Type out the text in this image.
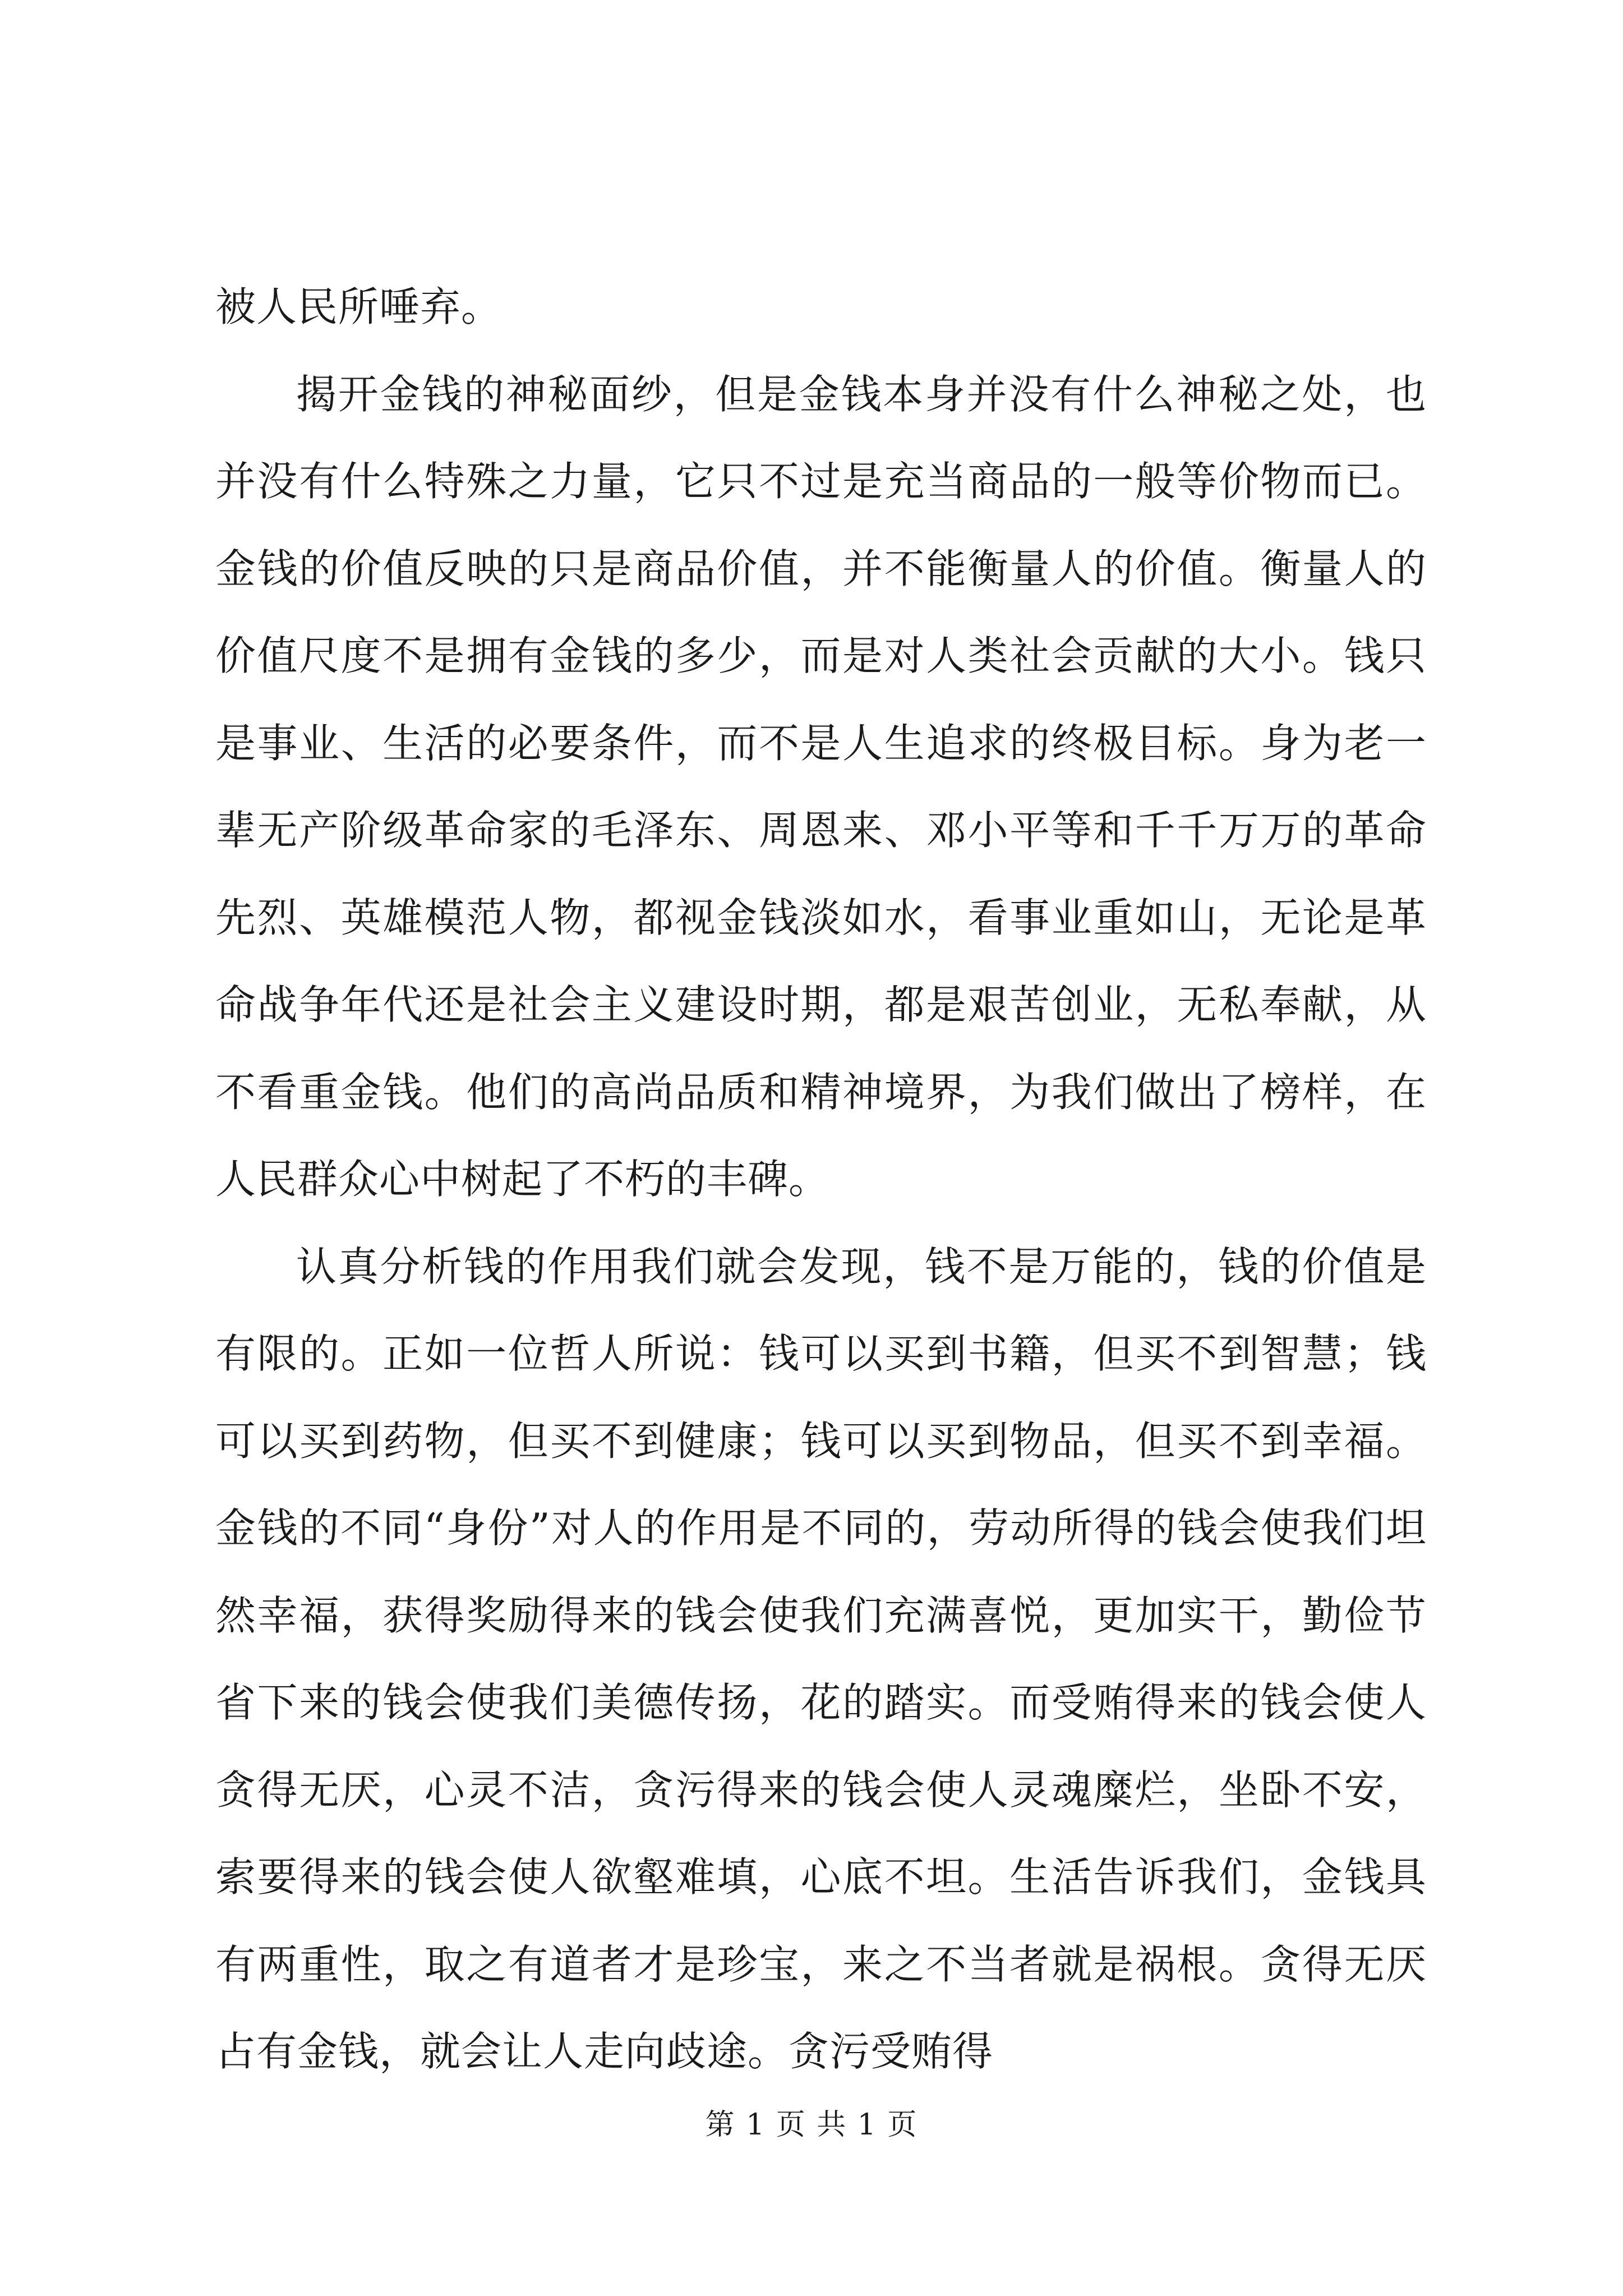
被人民所唾弃。

揭开金钱的神秘面纱，但是金钱本身并没有什么神秘之处，也并没有什么特殊之力量，它只不过是充当商品的一般等价物而已。金钱的价值反映的只是商品价值，并不能衡量人的价值。衡量人的价值尺度不是拥有金钱的多少，而是对人类社会贡献的大小。钱只是事业、生活的必要条件，而不是人生追求的终极目标。身为老一辈无产阶级革命家的毛泽东、周恩来、邓小平等和千千万万的革命先烈、英雄模范人物，都视金钱淡如水，看事业重如山，无论是革命战争年代还是社会主义建设时期，都是艰苦创业，无私奉献，从不看重金钱。他们的高尚品质和精神境界，为我们做出了榜样，在人民群众心中树起了不朽的丰碑。

认真分析钱的作用我们就会发现，钱不是万能的，钱的价值是有限的。正如一位哲人所说：钱可以买到书籍，但买不到智慧；钱可以买到药物，但买不到健康；钱可以买到物品，但买不到幸福。金钱的不同“身份”对人的作用是不同的，劳动所得的钱会使我们坦然幸福，获得奖励得来的钱会使我们充满喜悦，更加实干，勤俭节省下来的钱会使我们美德传扬，花的踏实。而受贿得来的钱会使人贪得无厌，心灵不洁，贪污得来的钱会使人灵魂糜烂，坐卧不安，索要得来的钱会使人欲壑难填，心底不坦。生活告诉我们，金钱具有两重性，取之有道者才是珍宝，来之不当者就是祸根。贪得无厌占有金钱，就会让人走向歧途。贪污受贿得

第 1 页 共 1 页
